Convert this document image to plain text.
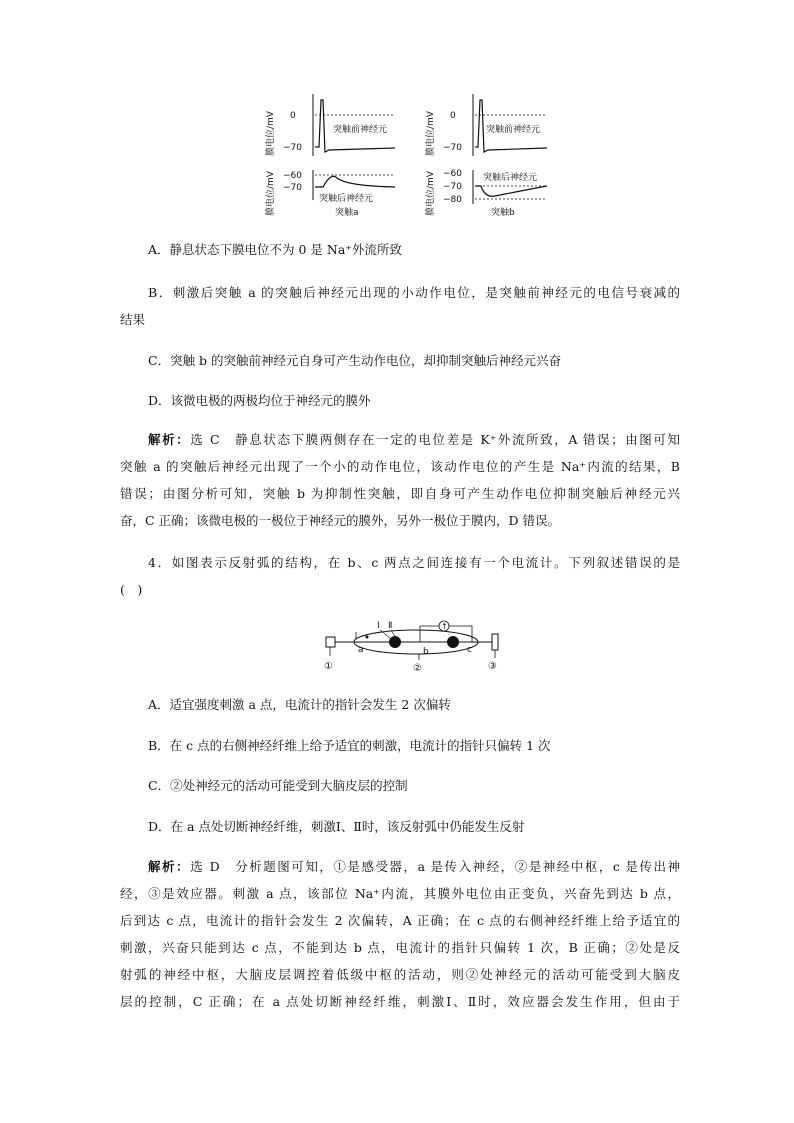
膜电位/mV
膜电位/mV
0
−70
突触前神经元
−60
−70
突触后神经元
突触a
膜电位/mV
膜电位/mV
0
−70
突触前神经元
−60
−70
−80
突触后神经元
突触b
A．静息状态下膜电位不为 0 是 Na⁺外流所致
B．刺激后突触 a 的突触后神经元出现的小动作电位，是突触前神经元的电信号衰减的
结果
C．突触 b 的突触前神经元自身可产生动作电位，却抑制突触后神经元兴奋
D．该微电极的两极均位于神经元的膜外
解析：选 C　静息状态下膜两侧存在一定的电位差是 K⁺外流所致，A 错误；由图可知
突触 a 的突触后神经元出现了一个小的动作电位，该动作电位的产生是 Na⁺内流的结果，B
错误；由图分析可知，突触 b 为抑制性突触，即自身可产生动作电位抑制突触后神经元兴
奋，C 正确；该微电极的一极位于神经元的膜外，另外一极位于膜内，D 错误。
4．如图表示反射弧的结构，在 b、c 两点之间连接有一个电流计。下列叙述错误的是
(　)
Ⅰ Ⅱ	↑
a	b	c
①	②	③
A．适宜强度刺激 a 点，电流计的指针会发生 2 次偏转
B．在 c 点的右侧神经纤维上给予适宜的刺激，电流计的指针只偏转 1 次
C．②处神经元的活动可能受到大脑皮层的控制
D．在 a 点处切断神经纤维，刺激Ⅰ、Ⅱ时，该反射弧中仍能发生反射
解析：选 D　分析题图可知，①是感受器，a 是传入神经，②是神经中枢，c 是传出神
经，③是效应器。刺激 a 点，该部位 Na⁺内流，其膜外电位由正变负，兴奋先到达 b 点，
后到达 c 点，电流计的指针会发生 2 次偏转，A 正确；在 c 点的右侧神经纤维上给予适宜的
刺激，兴奋只能到达 c 点，不能到达 b 点，电流计的指针只偏转 1 次，B 正确；②处是反
射弧的神经中枢，大脑皮层调控着低级中枢的活动，则②处神经元的活动可能受到大脑皮
层的控制，C 正确；在 a 点处切断神经纤维，刺激Ⅰ、Ⅱ时，效应器会发生作用，但由于
